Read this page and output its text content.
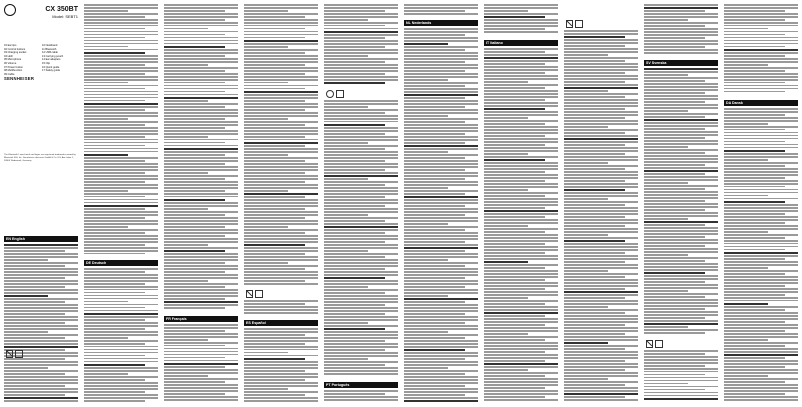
CX 350BT
Model: SEBT1
01 Ear tips
02 Control buttons
03 Charging socket
04 LED
05 Microphone
06 Volume
07 Power button
08 Multifunction
09 Cable
10 Neckband
11 Bluetooth
12 USB cable
13 Carrying pouch
14 Ear adapters
15 Clip
16 Quick guide
17 Safety guide
SENNHEISER
The Bluetooth® word mark and logos are registered trademarks owned by Bluetooth SIG, Inc. Sennheiser electronic GmbH & Co. KG, Am Labor 1, 30900 Wedemark, Germany
EN English
DE Deutsch
FR Français
ES Español
PT Português
NL Nederlands
IT Italiano
SV Svenska
DA Dansk
